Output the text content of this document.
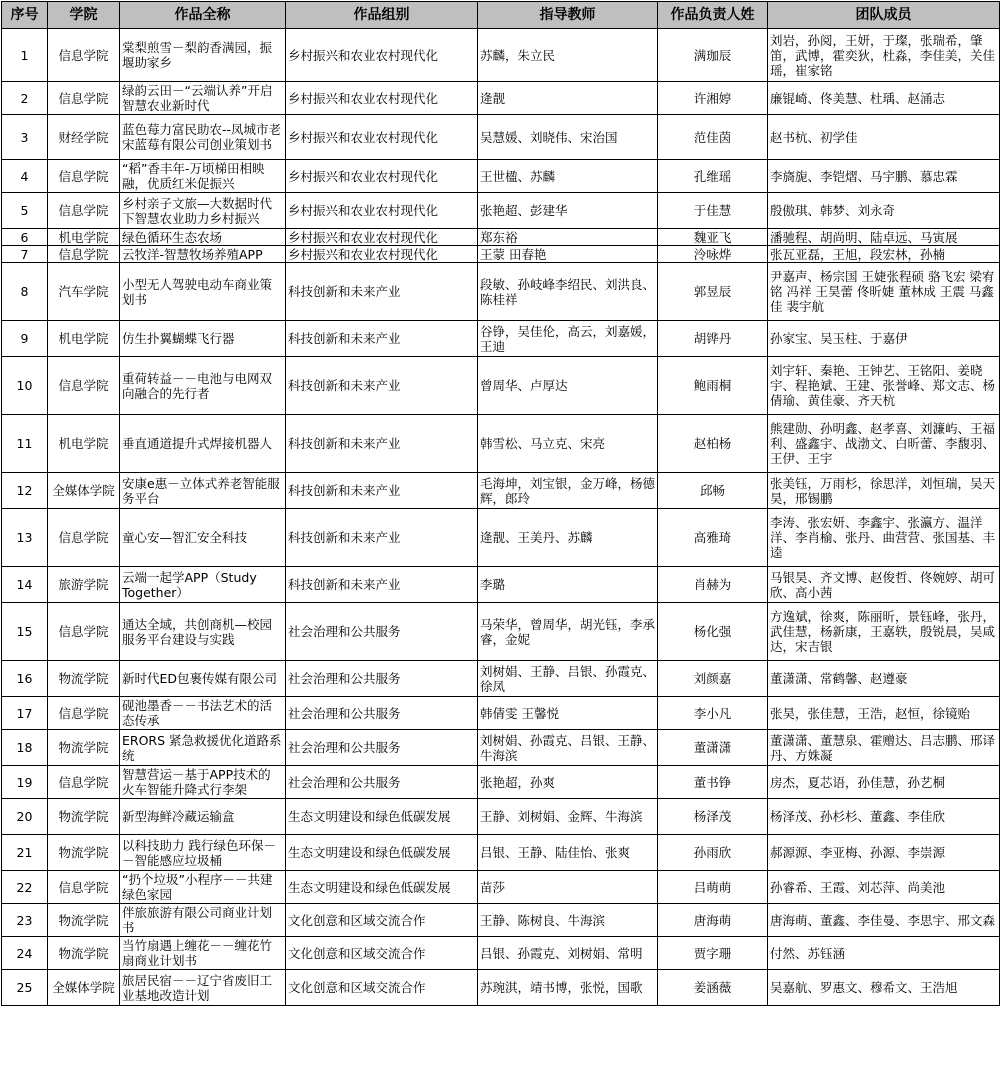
序号	学院	作品全称	作品组别	指导教师	作品负责人姓	团队成员
1	信息学院	棠梨煎雪－梨韵香满园，振堰助家乡	乡村振兴和农业农村现代化	苏麟，朱立民	满珈辰	刘岩，孙阅，王妍，于璨，张瑞希，肇笛，武博，霍奕狄，杜淼，李佳美，关佳瑶，崔家铭
2	信息学院	绿韵云田－“云端认养”开启智慧农业新时代	乡村振兴和农业农村现代化	逄靓	许湘婷	廉锟崎、佟美慧、杜瑀、赵涌志
3	财经学院	蓝色莓力富民助农--凤城市老宋蓝莓有限公司创业策划书	乡村振兴和农业农村现代化	吴慧媛、刘晓伟、宋治国	范佳茵	赵书杭、初学佳
4	信息学院	“稻”香丰年-万顷梯田相映融，优质红米促振兴	乡村振兴和农业农村现代化	王世楹、苏麟	孔维瑶	李旖旎、李铠熠、马宇鹏、慕忠霖
5	信息学院	乡村亲子文旅—大数据时代下智慧农业助力乡村振兴	乡村振兴和农业农村现代化	张艳超、彭建华	于佳慧	殷傲琪、韩梦、刘永奇
6	机电学院	绿色循环生态农场	乡村振兴和农业农村现代化	郑东裕	魏亚飞	潘驰程、胡尚明、陆卓远、马寅展
7	信息学院	云牧洋-智慧牧场养殖APP	乡村振兴和农业农村现代化	王蒙 田春艳	泠咏烨	张瓦亚磊，王旭，段宏林，孙楠
8	汽车学院	小型无人驾驶电动车商业策划书	科技创新和未来产业	段敏、孙岐峰李绍民、刘洪良、陈桂祥	郭昱辰	尹嘉声、杨宗国 王婕张程硕 骆飞宏 梁宥铭 冯祥 王昊蕾 佟昕婕 董林成 王震 马鑫佳 裴宇航
9	机电学院	仿生扑翼蝴蝶飞行器	科技创新和未来产业	谷铮，吴佳伦，高云，刘嘉媛，王迪	胡铧丹	孙家宝、吴玉柱、于嘉伊
10	信息学院	重荷转益－－电池与电网双向融合的先行者	科技创新和未来产业	曾周华、卢厚达	鲍雨桐	刘宇轩、秦艳、王钟艺、王铭阳、姜晓宇、程艳斌、王建、张誉峰、郑文志、杨倩瑜、黄佳豪、齐天杭
11	机电学院	垂直通道提升式焊接机器人	科技创新和未来产业	韩雪松、马立克、宋亮	赵柏杨	熊建勋、孙明鑫、赵孝喜、刘濂屿、王福利、盛鑫宇、战渤文、白昕蕾、李馥羽、王伊、王宇
12	全媒体学院	安康e惠－立体式养老智能服务平台	科技创新和未来产业	毛海坤，刘宝银，金万峰，杨德辉，郎玲	邱畅	张美钰，万雨杉，徐思洋，刘恒瑞，吴天昊，邢锡鹏
13	信息学院	童心安—智汇安全科技	科技创新和未来产业	逄靓、王美丹、苏麟	高雅琦	李涛、张宏妍、李鑫宇、张瀛方、温洋洋、李肖榆、张丹、曲营营、张国基、丰逵
14	旅游学院	云端一起学APP（Study Together）	科技创新和未来产业	李璐	肖赫为	马银昊、齐文博、赵俊哲、佟婉婷、胡可欣、高小茜
15	信息学院	通达全域，共创商机—校园服务平台建设与实践	社会治理和公共服务	马荣华，曾周华，胡光钰，李承睿，金妮	杨化强	方逸斌，徐爽，陈丽昕，景钰峰，张丹，武佳慧，杨新康，王嘉轶，殷锐晨，吴咸达，宋吉银
16	物流学院	新时代ED包裹传媒有限公司	社会治理和公共服务	刘树娟、王静、吕银、孙霞克、徐凤	刘颜嘉	董潇潇、常鹤馨、赵遵豪
17	信息学院	砚池墨香－－书法艺术的活态传承	社会治理和公共服务	韩倩雯 王馨悦	李小凡	张昊，张佳慧，王浩，赵恒，徐镜贻
18	物流学院	ERORS 紧急救援优化道路系统	社会治理和公共服务	刘树娟、孙霞克、吕银、王静、牛海滨	董潇潇	董潇潇、董慧泉、霍赠达、吕志鹏、邢译丹、方姝凝
19	信息学院	智慧营运－基于APP技术的火车智能升降式行李架	社会治理和公共服务	张艳超，孙爽	董书铮	房杰，夏芯语，孙佳慧，孙艺桐
20	物流学院	新型海鲜冷藏运输盒	生态文明建设和绿色低碳发展	王静、刘树娟、金辉、牛海滨	杨泽茂	杨泽茂、孙杉杉、董鑫、李佳欣
21	物流学院	以科技助力 践行绿色环保－－智能感应垃圾桶	生态文明建设和绿色低碳发展	吕银、王静、陆佳怡、张爽	孙雨欣	郝源源、李亚梅、孙源、李崇源
22	信息学院	“扔个垃圾”小程序－－共建绿色家园	生态文明建设和绿色低碳发展	苗莎	吕萌萌	孙睿希、王霞、刘芯萍、尚美池
23	物流学院	伴旅旅游有限公司商业计划书	文化创意和区域交流合作	王静、陈树良、牛海滨	唐海萌	唐海萌、董鑫、李佳曼、李思宇、邢文森
24	物流学院	当竹扇遇上缠花－－缠花竹扇商业计划书	文化创意和区域交流合作	吕银、孙霞克、刘树娟、常明	贾字珊	付然、苏钰涵
25	全媒体学院	旅居民宿－－辽宁省废旧工业基地改造计划	文化创意和区域交流合作	苏琬淇，靖书博，张悦，国歌	姜涵薇	吴嘉航、罗惠文、穆希文、王浩旭
